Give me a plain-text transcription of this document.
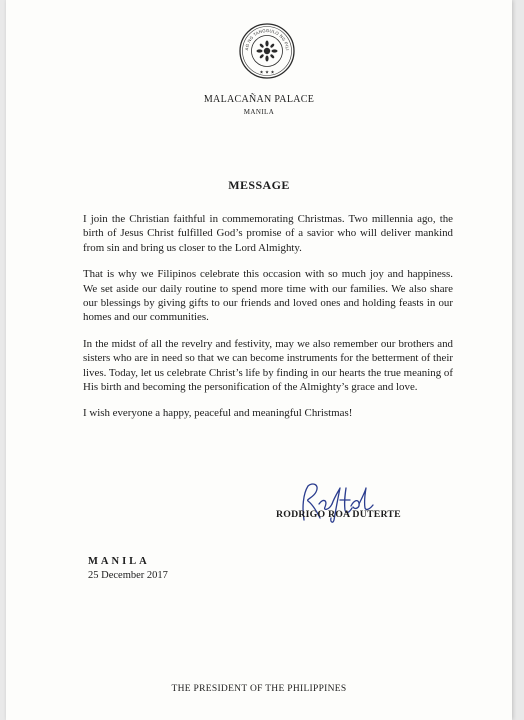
AG NG TANGGULO NG PILI
★ ★ ★
MALACAÑAN PALACE
MANILA
MESSAGE

I join the Christian faithful in commemorating Christmas. Two millennia ago, the birth of Jesus Christ fulfilled God’s promise of a savior who will deliver mankind from sin and bring us closer to the Lord Almighty.

That is why we Filipinos celebrate this occasion with so much joy and happiness. We set aside our daily routine to spend more time with our families. We also share our blessings by giving gifts to our friends and loved ones and holding feasts in our homes and our communities.

In the midst of all the revelry and festivity, may we also remember our brothers and sisters who are in need so that we can become instruments for the betterment of their lives. Today, let us celebrate Christ’s life by finding in our hearts the true meaning of His birth and becoming the personification of the Almighty’s grace and love.

I wish everyone a happy, peaceful and meaningful Christmas!

RODRIGO ROA DUTERTE
MANILA
25 December 2017
THE PRESIDENT OF THE PHILIPPINES
